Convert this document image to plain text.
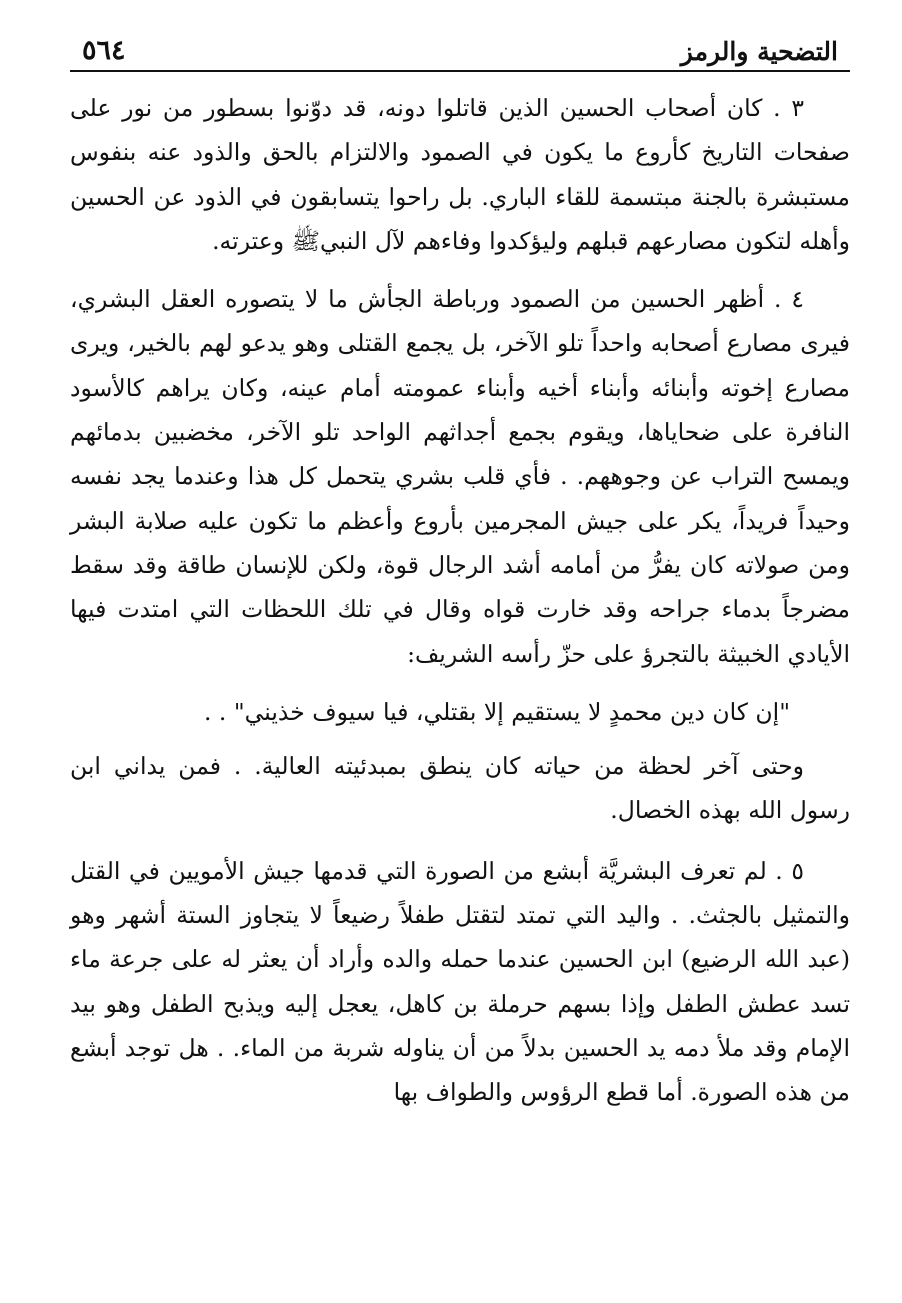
التضحية والرمز
٥٦٤

٣ . كان أصحاب الحسين الذين قاتلوا دونه، قد دوّنوا بسطور من نور على صفحات التاريخ كأروع ما يكون في الصمود والالتزام بالحق والذود عنه بنفوس مستبشرة بالجنة مبتسمة للقاء الباري. بل راحوا يتسابقون في الذود عن الحسين وأهله لتكون مصارعهم قبلهم وليؤكدوا وفاءهم لآل النبيﷺ وعترته.

٤ . أظهر الحسين من الصمود ورباطة الجأش ما لا يتصوره العقل البشري، فيرى مصارع أصحابه واحداً تلو الآخر، بل يجمع القتلى وهو يدعو لهم بالخير، ويرى مصارع إخوته وأبنائه وأبناء أخيه وأبناء عمومته أمام عينه، وكان يراهم كالأسود النافرة على ضحاياها، ويقوم بجمع أجداثهم الواحد تلو الآخر، مخضبين بدمائهم ويمسح التراب عن وجوههم. . فأي قلب بشري يتحمل كل هذا وعندما يجد نفسه وحيداً فريداً، يكر على جيش المجرمين بأروع وأعظم ما تكون عليه صلابة البشر ومن صولاته كان يفرُّ من أمامه أشد الرجال قوة، ولكن للإنسان طاقة وقد سقط مضرجاً بدماء جراحه وقد خارت قواه وقال في تلك اللحظات التي امتدت فيها الأيادي الخبيثة بالتجرؤ على حزّ رأسه الشريف:

"إن كان دين محمدٍ لا يستقيم إلا بقتلي، فيا سيوف خذيني" . .

وحتى آخر لحظة من حياته كان ينطق بمبدئيته العالية. . فمن يداني ابن رسول الله بهذه الخصال.

٥ . لم تعرف البشريَّة أبشع من الصورة التي قدمها جيش الأمويين في القتل والتمثيل بالجثث. . واليد التي تمتد لتقتل طفلاً رضيعاً لا يتجاوز الستة أشهر وهو (عبد الله الرضيع) ابن الحسين عندما حمله والده وأراد أن يعثر له على جرعة ماء تسد عطش الطفل وإذا بسهم حرملة بن كاهل، يعجل إليه ويذبح الطفل وهو بيد الإمام وقد ملأ دمه يد الحسين بدلاً من أن يناوله شربة من الماء. . هل توجد أبشع من هذه الصورة. أما قطع الرؤوس والطواف بها
